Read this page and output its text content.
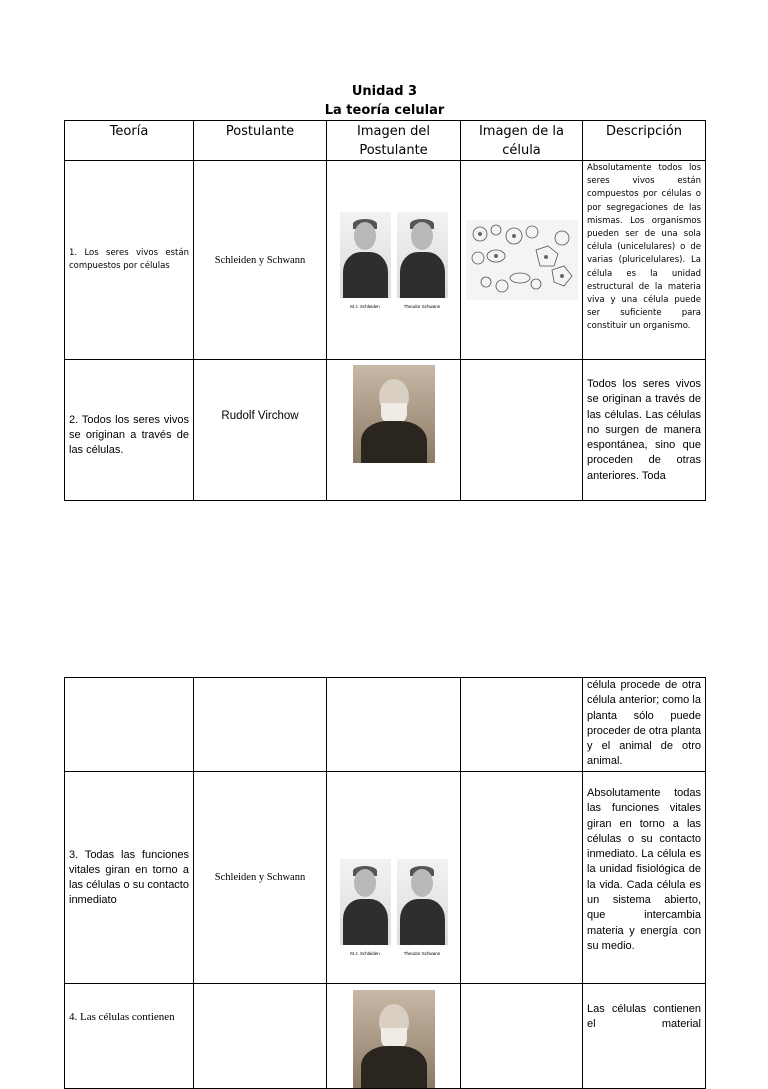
Unidad 3
La teoría celular
Teoría	Postulante	Imagen del Postulante	Imagen de la célula	Descripción
1. Los seres vivos están compuestos por células	Schleiden y Schwann	M.J. Schleiden Theodor Schwann		Absolutamente todos los seres vivos están compuestos por células o por segregaciones de las mismas. Los organismos pueden ser de una sola célula (unicelulares) o de varias (pluricelulares). La célula es la unidad estructural de la materia viva y una célula puede ser suficiente para constituir un organismo.
2. Todos los seres vivos se originan a través de las células.	Rudolf Virchow			Todos los seres vivos se originan a través de las células. Las células no surgen de manera espontánea, sino que proceden de otras anteriores. Toda
				célula procede de otra célula anterior; como la planta sólo puede proceder de otra planta y el animal de otro animal.
3. Todas las funciones vitales giran en torno a las células o su contacto inmediato	Schleiden y Schwann	M.J. Schleiden Theodor Schwann		Absolutamente todas las funciones vitales giran en torno a las células o su contacto inmediato. La célula es la unidad fisiológica de la vida. Cada célula es un sistema abierto, que intercambia materia y energía con su medio.
4. Las células contienen				Las células contienen el material
